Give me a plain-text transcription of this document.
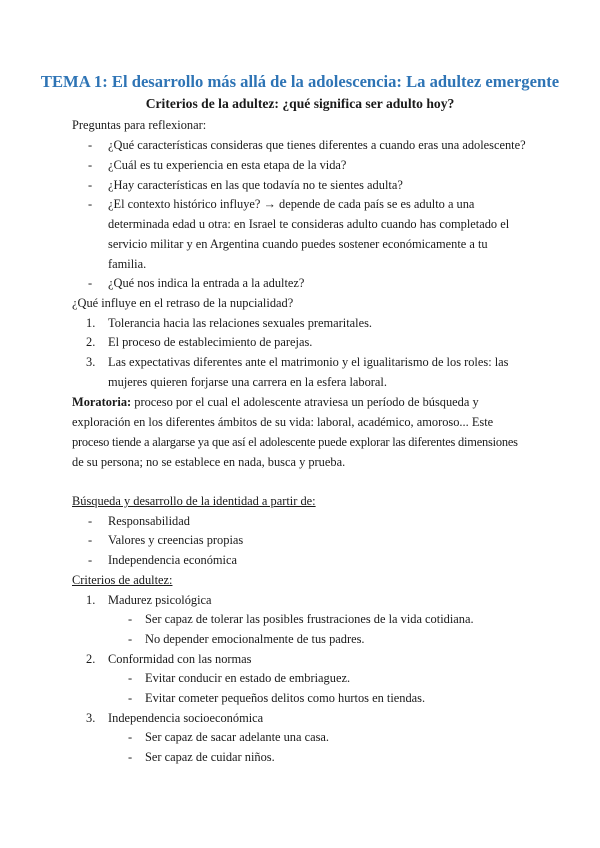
TEMA 1: El desarrollo más allá de la adolescencia: La adultez emergente
Criterios de la adultez: ¿qué significa ser adulto hoy?
Preguntas para reflexionar:
- ¿Qué características consideras que tienes diferentes a cuando eras una adolescente?
- ¿Cuál es tu experiencia en esta etapa de la vida?
- ¿Hay características en las que todavía no te sientes adulta?
- ¿El contexto histórico influye? → depende de cada país se es adulto a una
determinada edad u otra: en Israel te consideras adulto cuando has completado el
servicio militar y en Argentina cuando puedes sostener económicamente a tu
familia.
- ¿Qué nos indica la entrada a la adultez?
¿Qué influye en el retraso de la nupcialidad?
1. Tolerancia hacia las relaciones sexuales premaritales.
2. El proceso de establecimiento de parejas.
3. Las expectativas diferentes ante el matrimonio y el igualitarismo de los roles: las
mujeres quieren forjarse una carrera en la esfera laboral.
Moratoria: proceso por el cual el adolescente atraviesa un período de búsqueda y
exploración en los diferentes ámbitos de su vida: laboral, académico, amoroso... Este
proceso tiende a alargarse ya que así el adolescente puede explorar las diferentes dimensiones
de su persona; no se establece en nada, busca y prueba.
Búsqueda y desarrollo de la identidad a partir de:
- Responsabilidad
- Valores y creencias propias
- Independencia económica
Criterios de adultez:
1. Madurez psicológica
- Ser capaz de tolerar las posibles frustraciones de la vida cotidiana.
- No depender emocionalmente de tus padres.
2. Conformidad con las normas
- Evitar conducir en estado de embriaguez.
- Evitar cometer pequeños delitos como hurtos en tiendas.
3. Independencia socioeconómica
- Ser capaz de sacar adelante una casa.
- Ser capaz de cuidar niños.
